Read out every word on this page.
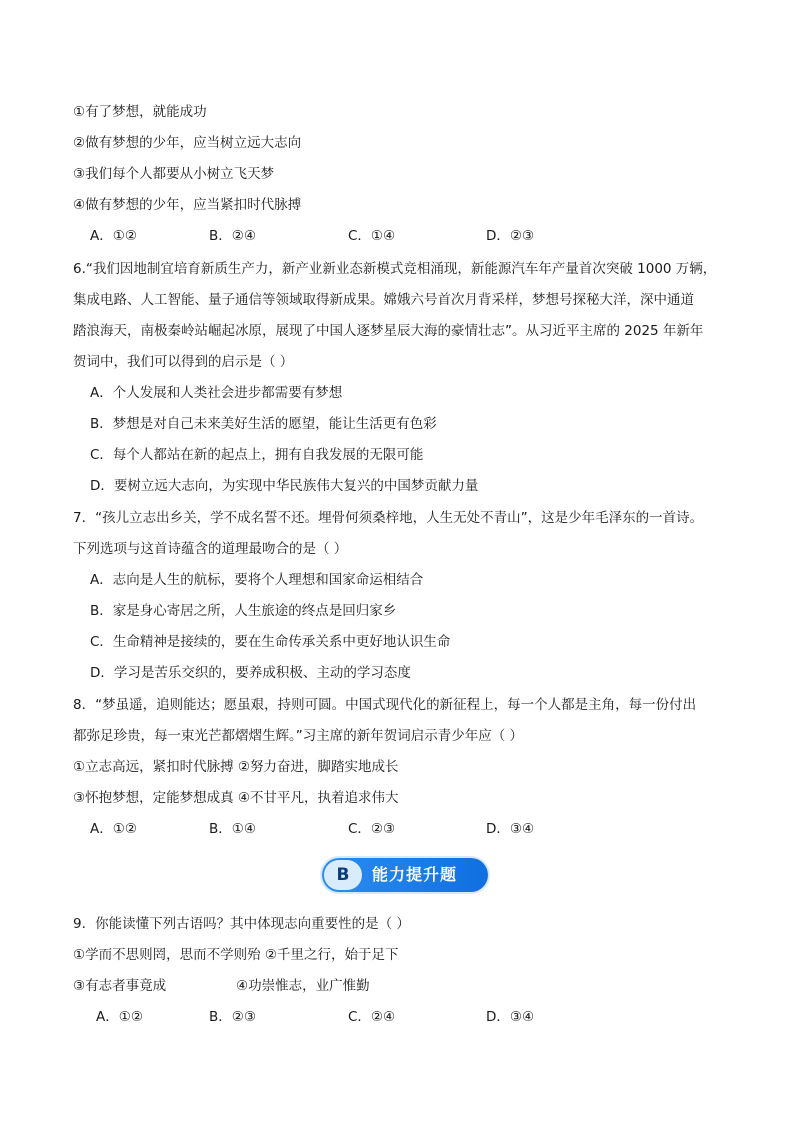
①有了梦想，就能成功
②做有梦想的少年，应当树立远大志向
③我们每个人都要从小树立飞天梦
④做有梦想的少年，应当紧扣时代脉搏
A．①②	B．②④	C．①④	D．②③
6.“我们因地制宜培育新质生产力，新产业新业态新模式竞相涌现，新能源汽车年产量首次突破 1000 万辆，
集成电路、人工智能、量子通信等领域取得新成果。嫦娥六号首次月背采样，梦想号探秘大洋，深中通道
踏浪海天，南极秦岭站崛起冰原，展现了中国人逐梦星辰大海的豪情壮志”。从习近平主席的 2025 年新年
贺词中，我们可以得到的启示是（ ）
A．个人发展和人类社会进步都需要有梦想
B．梦想是对自己未来美好生活的愿望，能让生活更有色彩
C．每个人都站在新的起点上，拥有自我发展的无限可能
D．要树立远大志向，为实现中华民族伟大复兴的中国梦贡献力量
7．“孩儿立志出乡关，学不成名誓不还。埋骨何须桑梓地，人生无处不青山”，这是少年毛泽东的一首诗。
下列选项与这首诗蕴含的道理最吻合的是（ ）
A．志向是人生的航标，要将个人理想和国家命运相结合
B．家是身心寄居之所，人生旅途的终点是回归家乡
C．生命精神是接续的，要在生命传承关系中更好地认识生命
D．学习是苦乐交织的，要养成积极、主动的学习态度
8．“梦虽遥，追则能达；愿虽艰，持则可圆。中国式现代化的新征程上，每一个人都是主角，每一份付出
都弥足珍贵，每一束光芒都熠熠生辉。”习主席的新年贺词启示青少年应（ ）
①立志高远，紧扣时代脉搏 ②努力奋进，脚踏实地成长
③怀抱梦想，定能梦想成真 ④不甘平凡，执着追求伟大
A．①②	B．①④	C．②③	D．③④
B	能力提升题
9．你能读懂下列古语吗？其中体现志向重要性的是（ ）
①学而不思则罔，思而不学则殆 ②千里之行，始于足下
③有志者事竟成	④功崇惟志，业广惟勤
A．①②	B．②③	C．②④	D．③④
